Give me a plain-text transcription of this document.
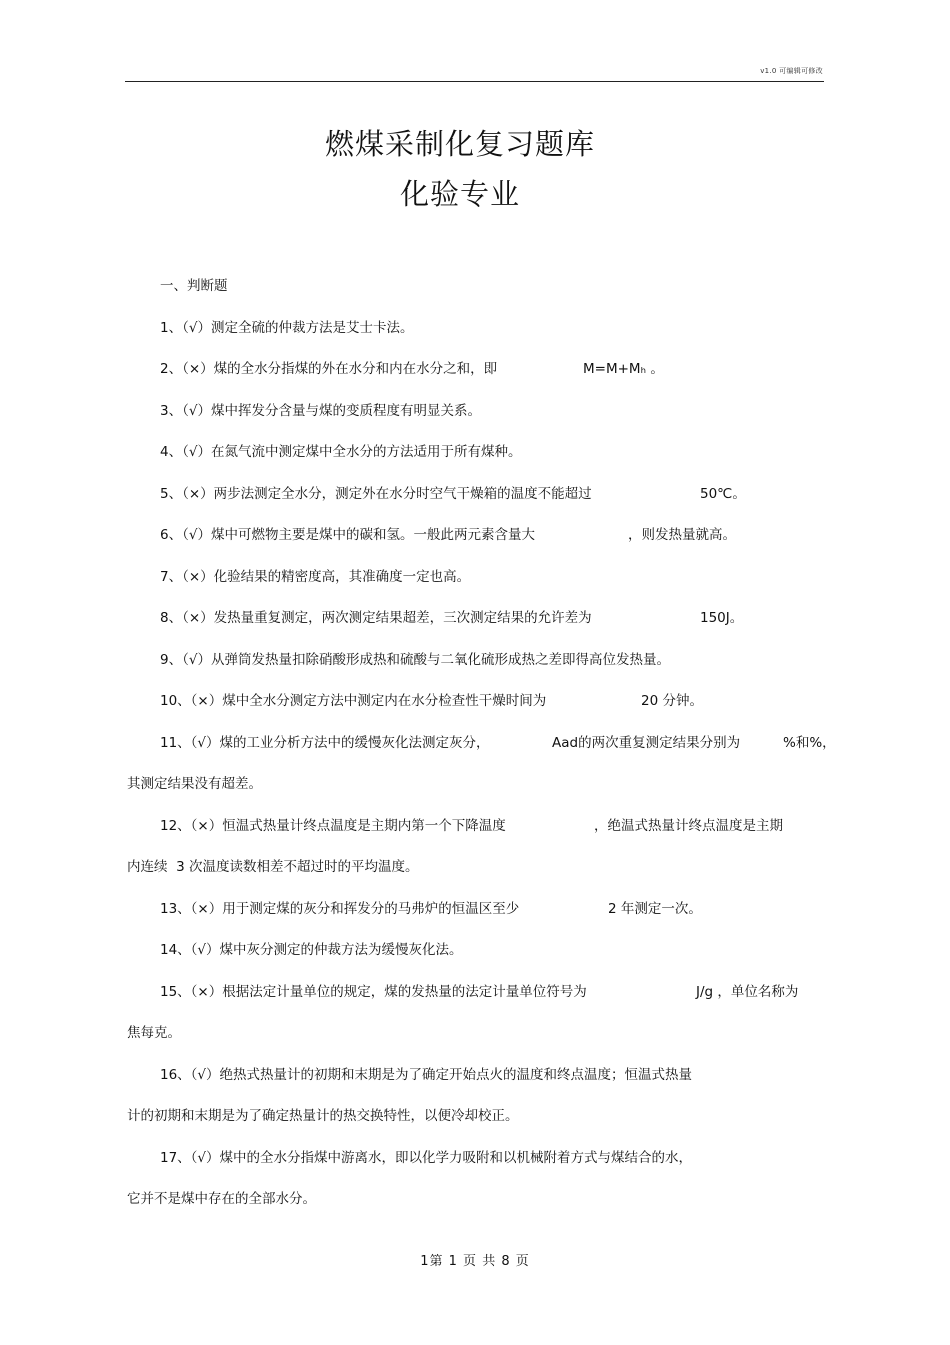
v1.0 可编辑可修改
燃煤采制化复习题库
化验专业
一、判断题

1、（√）测定全硫的仲裁方法是艾士卡法。

2、（×）煤的全水分指煤的外在水分和内在水分之和，即

	M=M+Mₕ 。

3、（√）煤中挥发分含量与煤的变质程度有明显关系。

4、（√）在氮气流中测定煤中全水分的方法适用于所有煤种。

5、（×）两步法测定全水分，测定外在水分时空气干燥箱的温度不能超过

	50℃。

6、（√）煤中可燃物主要是煤中的碳和氢。一般此两元素含量大

	，则发热量就高。

7、（×）化验结果的精密度高，其准确度一定也高。

8、（×）发热量重复测定，两次测定结果超差，三次测定结果的允许差为

	150J。

9、（√）从弹筒发热量扣除硝酸形成热和硫酸与二氧化硫形成热之差即得高位发热量。

10、（×）煤中全水分测定方法中测定内在水分检查性干燥时间为

	20 分钟。

11、（√）煤的工业分析方法中的缓慢灰化法测定灰分，

	Aad的两次重复测定结果分别为

	%和%，

其测定结果没有超差。

12、（×）恒温式热量计终点温度是主期内第一个下降温度

	，绝温式热量计终点温度是主期

内连续  3 次温度读数相差不超过时的平均温度。

13、（×）用于测定煤的灰分和挥发分的马弗炉的恒温区至少

	2 年测定一次。

14、（√）煤中灰分测定的仲裁方法为缓慢灰化法。

15、（×）根据法定计量单位的规定，煤的发热量的法定计量单位符号为

	J/g ，单位名称为

焦每克。

16、（√）绝热式热量计的初期和末期是为了确定开始点火的温度和终点温度；恒温式热量

计的初期和末期是为了确定热量计的热交换特性，以便冷却校正。

17、（√）煤中的全水分指煤中游离水，即以化学力吸附和以机械附着方式与煤结合的水，

它并不是煤中存在的全部水分。
1第 1 页 共 8 页
